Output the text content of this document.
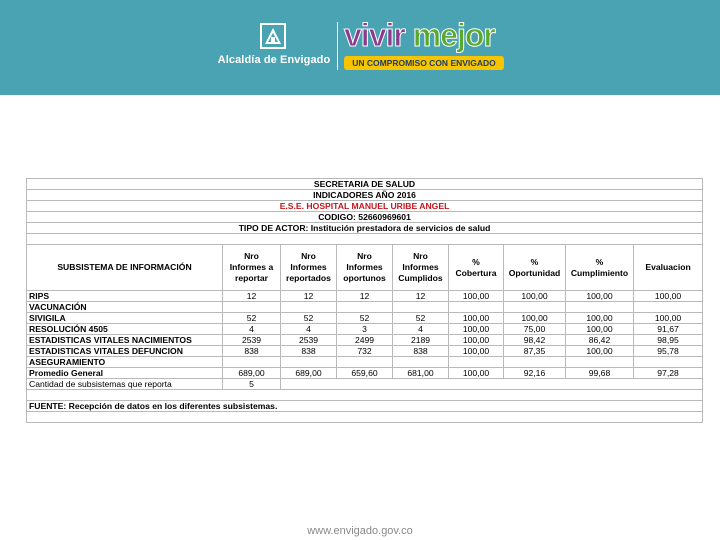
Alcaldía de Envigado
vivir mejor
UN COMPROMISO CON ENVIGADO
SECRETARIA DE SALUD								
INDICADORES AÑO 2016								
E.S.E. HOSPITAL MANUEL URIBE ANGEL								
CODIGO: 52660969601								
TIPO DE ACTOR: Institución prestadora de servicios de salud								

SUBSISTEMA DE INFORMACIÓN	Nro Informes a reportar	Nro Informes reportados	Nro Informes oportunos	Nro Informes Cumplidos	% Cobertura	% Oportunidad	% Cumplimiento	Evaluacion
RIPS	12	12	12	12	100,00	100,00	100,00	100,00
VACUNACIÓN								
SIVIGILA	52	52	52	52	100,00	100,00	100,00	100,00
RESOLUCIÓN 4505	4	4	3	4	100,00	75,00	100,00	91,67
ESTADISTICAS VITALES NACIMIENTOS	2539	2539	2499	2189	100,00	98,42	86,42	98,95
ESTADISTICAS VITALES DEFUNCION	838	838	732	838	100,00	87,35	100,00	95,78
ASEGURAMIENTO								
Promedio General	689,00	689,00	659,60	681,00	100,00	92,16	99,68	97,28
Cantidad de subsistemas que reporta	5							

FUENTE: Recepción de datos en los diferentes subsistemas.								

www.envigado.gov.co
